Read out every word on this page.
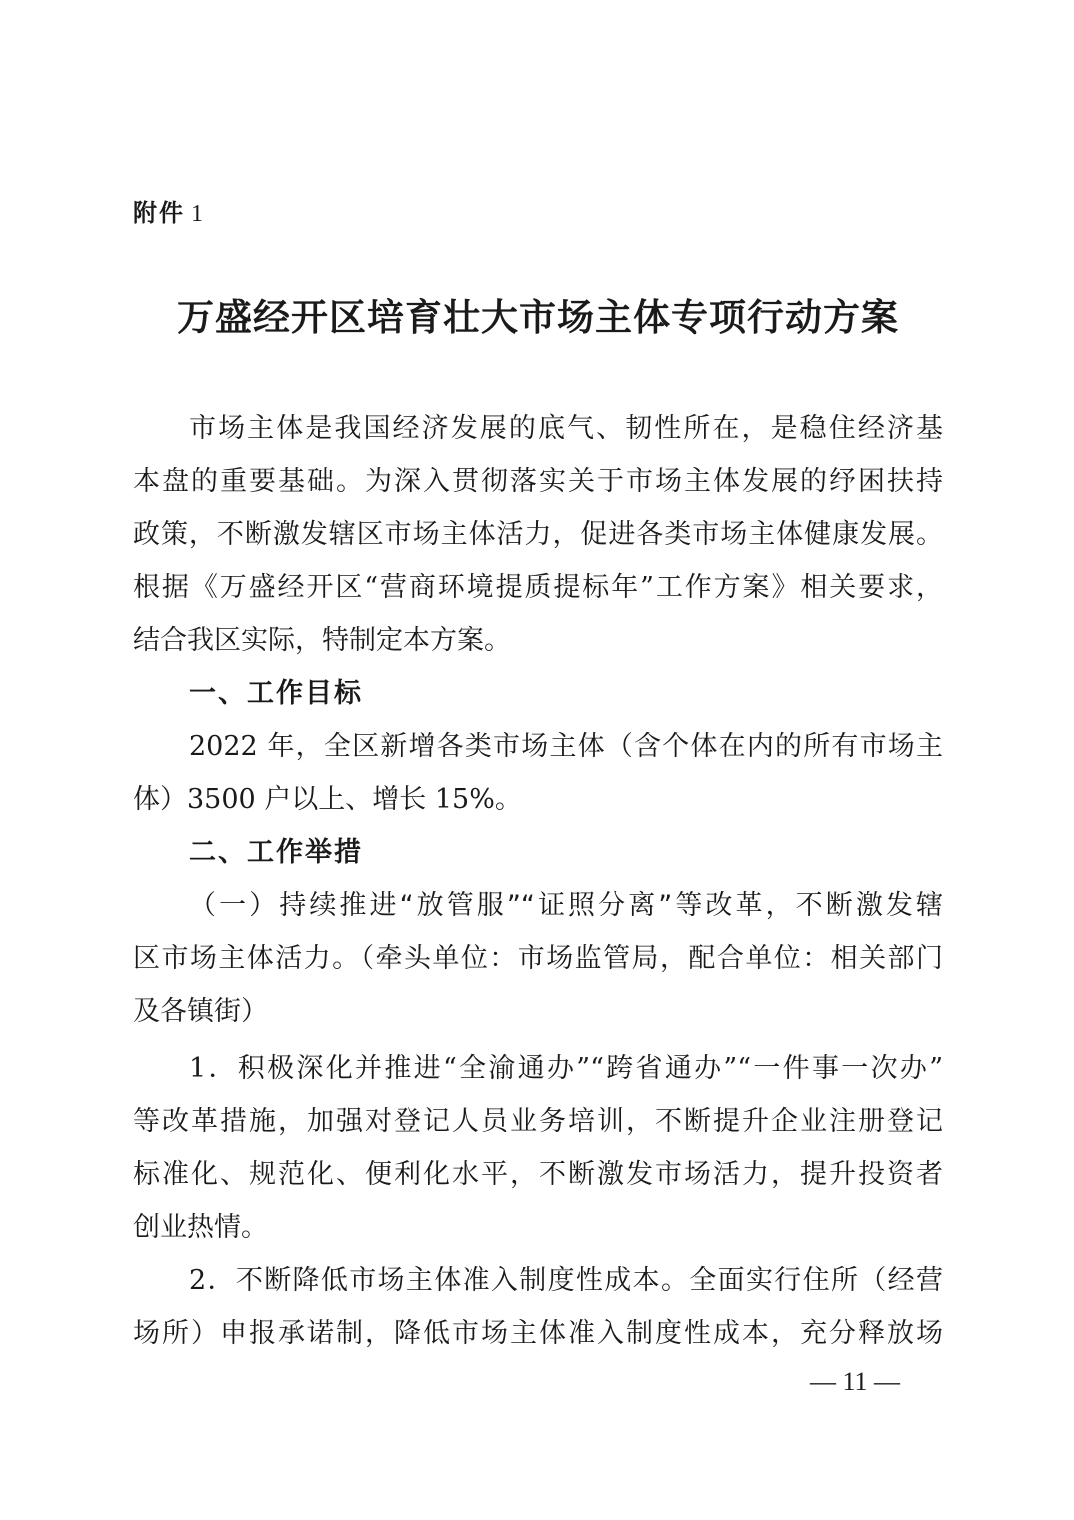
附件 1
万盛经开区培育壮大市场主体专项行动方案
市场主体是我国经济发展的底气、韧性所在，是稳住经济基
本盘的重要基础。为深入贯彻落实关于市场主体发展的纾困扶持
政策，不断激发辖区市场主体活力，促进各类市场主体健康发展。
根据《万盛经开区“营商环境提质提标年”工作方案》相关要求，
结合我区实际，特制定本方案。
一、工作目标
2022 年，全区新增各类市场主体（含个体在内的所有市场主
体）3500 户以上、增长 15%。
二、工作举措
（一）持续推进“放管服”“证照分离”等改革，不断激发辖
区市场主体活力。（牵头单位：市场监管局，配合单位：相关部门
及各镇街）
1．积极深化并推进“全渝通办”“跨省通办”“一件事一次办”
等改革措施，加强对登记人员业务培训，不断提升企业注册登记
标准化、规范化、便利化水平，不断激发市场活力，提升投资者
创业热情。
2．不断降低市场主体准入制度性成本。全面实行住所（经营
场所）申报承诺制，降低市场主体准入制度性成本，充分释放场
— 11 —
